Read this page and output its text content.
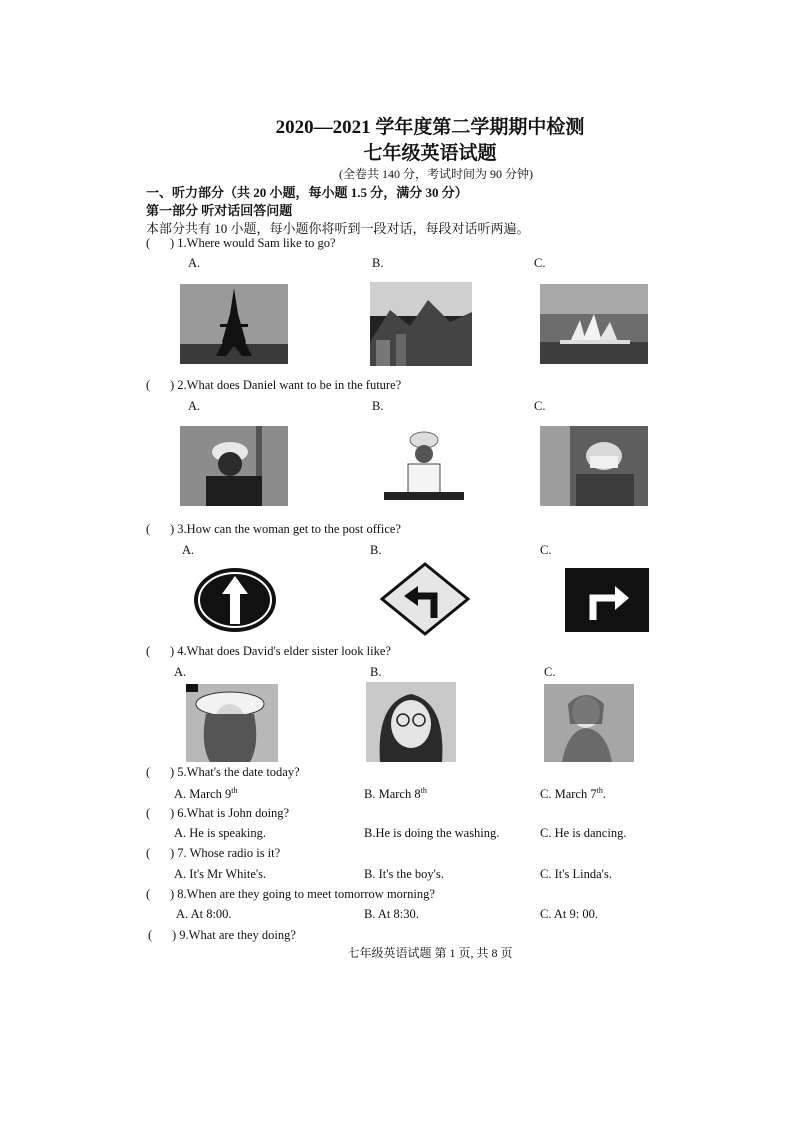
2020—2021 学年度第二学期期中检测
七年级英语试题
(全卷共 140 分，考试时间为 90 分钟)
一、听力部分（共 20 小题，每小题 1.5 分，满分 30 分）
第一部分 听对话回答问题
本部分共有 10 小题，每小题你将听到一段对话，每段对话听两遍。
( ) 1.Where would Sam like to go?
A.	B.	C.
( ) 2.What does Daniel want to be in the future?
A.	B.	C.
( ) 3.How can the woman get to the post office?
A.	B.	C.
( ) 4.What does David's elder sister look like?
A.	B.	C.
( ) 5.What's the date today?
A. March 9th	B. March 8th	C. March 7th.
( ) 6.What is John doing?
A. He is speaking.	B.He is doing the washing.	C. He is dancing.
( ) 7. Whose radio is it?
A. It's Mr White's.	B. It's the boy's.	C. It's Linda's.
( ) 8.When are they going to meet tomorrow morning?
A. At 8:00.	B. At 8:30.	C. At 9: 00.
( ) 9.What are they doing?
七年级英语试题 第 1 页, 共 8 页
